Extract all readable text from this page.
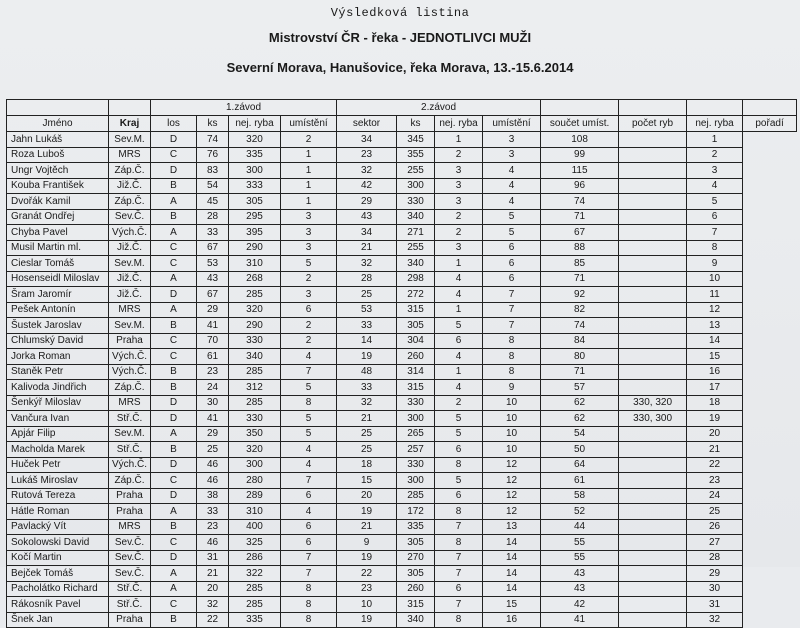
Výsledková listina
Mistrovství ČR - řeka - JEDNOTLIVCI MUŽI
Severní Morava, Hanušovice, řeka Morava, 13.-15.6.2014
		1.závod				2.závod							
Jméno	Kraj	los	ks	nej. ryba	umístění	sektor	ks	nej. ryba	umístění	součet umíst.	počet ryb	nej. ryba	pořadí
Jahn Lukáš	Sev.M.	D	74	320	2	34	345	1	3	108		1	
Roza Luboš	MRS	C	76	335	1	23	355	2	3	99		2	
Ungr Vojtěch	Záp.Č.	D	83	300	1	32	255	3	4	115		3	
Kouba František	Již.Č.	B	54	333	1	42	300	3	4	96		4	
Dvořák Kamil	Záp.Č.	A	45	305	1	29	330	3	4	74		5	
Granát Ondřej	Sev.Č.	B	28	295	3	43	340	2	5	71		6	
Chyba Pavel	Vých.Č.	A	33	395	3	34	271	2	5	67		7	
Musil Martin ml.	Již.Č.	C	67	290	3	21	255	3	6	88		8	
Cieslar Tomáš	Sev.M.	C	53	310	5	32	340	1	6	85		9	
Hosenseidl Miloslav	Již.Č.	A	43	268	2	28	298	4	6	71		10	
Šram Jaromír	Již.Č.	D	67	285	3	25	272	4	7	92		11	
Pešek Antonín	MRS	A	29	320	6	53	315	1	7	82		12	
Šustek Jaroslav	Sev.M.	B	41	290	2	33	305	5	7	74		13	
Chlumský David	Praha	C	70	330	2	14	304	6	8	84		14	
Jorka Roman	Vých.Č.	C	61	340	4	19	260	4	8	80		15	
Staněk Petr	Vých.Č.	B	23	285	7	48	314	1	8	71		16	
Kalivoda Jindřich	Záp.Č.	B	24	312	5	33	315	4	9	57		17	
Šenkýř Miloslav	MRS	D	30	285	8	32	330	2	10	62	330, 320	18	
Vančura Ivan	Stř.Č.	D	41	330	5	21	300	5	10	62	330, 300	19	
Apjár Filip	Sev.M.	A	29	350	5	25	265	5	10	54		20	
Macholda Marek	Stř.Č.	B	25	320	4	25	257	6	10	50		21	
Huček Petr	Vých.Č.	D	46	300	4	18	330	8	12	64		22	
Lukáš Miroslav	Záp.Č.	C	46	280	7	15	300	5	12	61		23	
Rutová Tereza	Praha	D	38	289	6	20	285	6	12	58		24	
Hátle Roman	Praha	A	33	310	4	19	172	8	12	52		25	
Pavlacký Vít	MRS	B	23	400	6	21	335	7	13	44		26	
Sokolowski David	Sev.Č.	C	46	325	6	9	305	8	14	55		27	
Kočí Martin	Sev.Č.	D	31	286	7	19	270	7	14	55		28	
Bejček Tomáš	Sev.Č.	A	21	322	7	22	305	7	14	43		29	
Pacholátko Richard	Stř.Č.	A	20	285	8	23	260	6	14	43		30	
Rákosník Pavel	Stř.Č.	C	32	285	8	10	315	7	15	42		31	
Šnek Jan	Praha	B	22	335	8	19	340	8	16	41		32	
